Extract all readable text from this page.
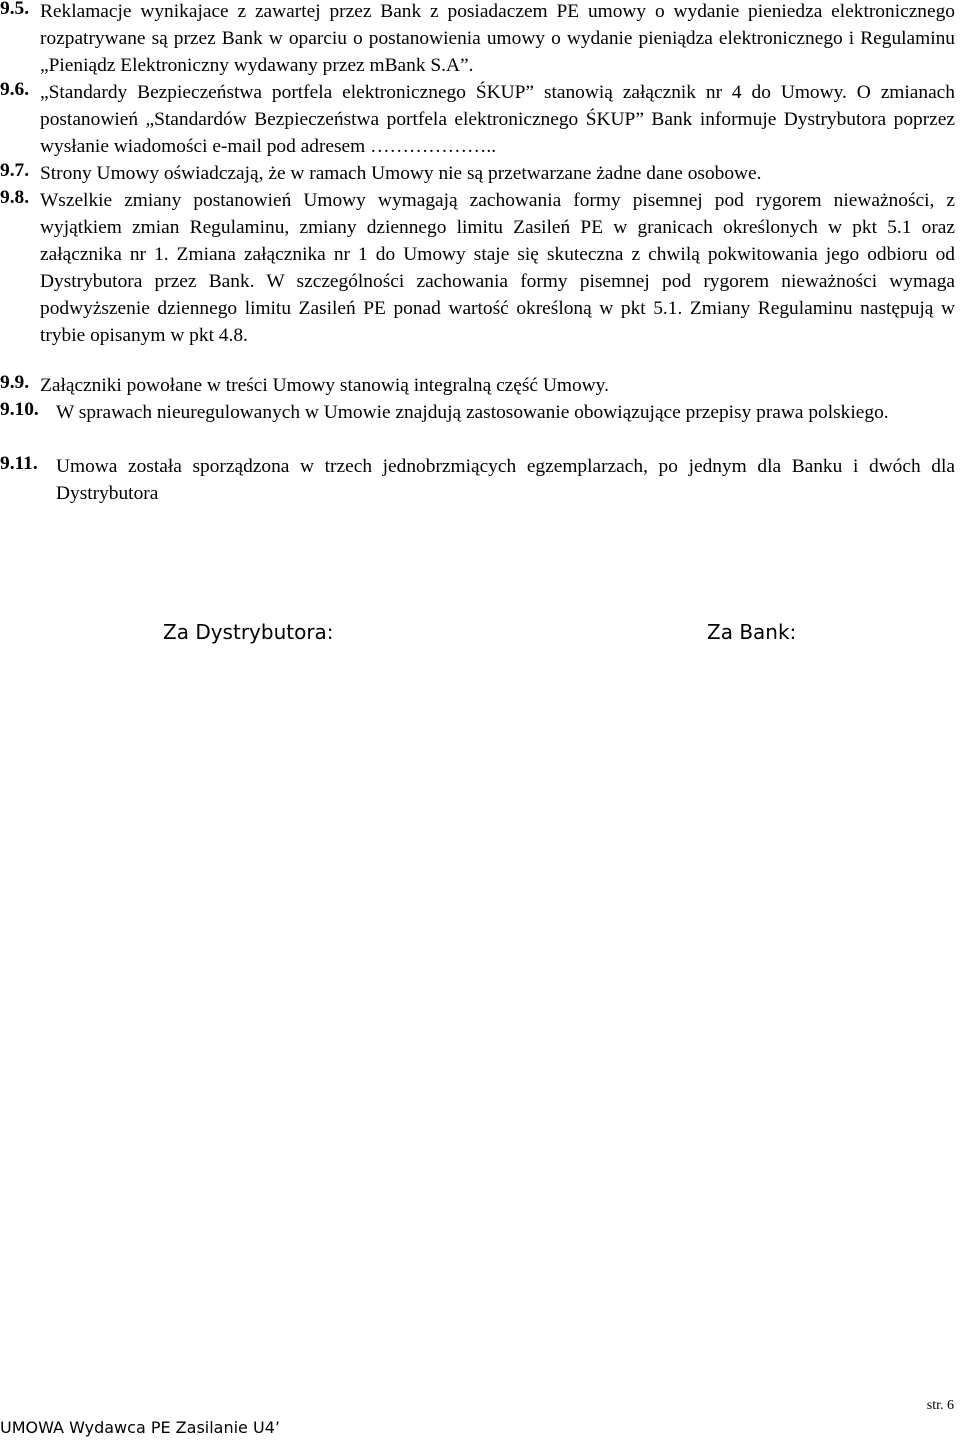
9.5. Reklamacje wynikajace z zawartej przez Bank z posiadaczem PE umowy o wydanie pieniedza elektronicznego rozpatrywane są przez Bank w oparciu o postanowienia umowy o wydanie pieniądza elektronicznego i Regulaminu „Pieniądz Elektroniczny wydawany przez mBank S.A”.
9.6. „Standardy Bezpieczeństwa portfela elektronicznego ŚKUP” stanowią załącznik nr 4 do Umowy. O zmianach postanowień „Standardów Bezpieczeństwa portfela elektronicznego ŚKUP” Bank informuje Dystrybutora poprzez wysłanie wiadomości e-mail pod adresem ………………..
9.7. Strony Umowy oświadczają, że w ramach Umowy nie są przetwarzane żadne dane osobowe.
9.8. Wszelkie zmiany postanowień Umowy wymagają zachowania formy pisemnej pod rygorem nieważności, z wyjątkiem zmian Regulaminu, zmiany dziennego limitu Zasileń PE w granicach określonych w pkt 5.1 oraz załącznika nr 1. Zmiana załącznika nr 1 do Umowy staje się skuteczna z chwilą pokwitowania jego odbioru od Dystrybutora przez Bank. W szczególności zachowania formy pisemnej pod rygorem nieważności wymaga podwyższenie dziennego limitu Zasileń PE ponad wartość określoną w pkt 5.1. Zmiany Regulaminu następują w trybie opisanym w pkt 4.8.
9.9. Załączniki powołane w treści Umowy stanowią integralną część Umowy.
9.10. W sprawach nieuregulowanych w Umowie znajdują zastosowanie obowiązujące przepisy prawa polskiego.
9.11. Umowa została sporządzona w trzech jednobrzmiących egzemplarzach, po jednym dla Banku i dwóch dla Dystrybutora
Za Dystrybutora:	Za Bank:
str. 6
UMOWA Wydawca PE Zasilanie U4’
